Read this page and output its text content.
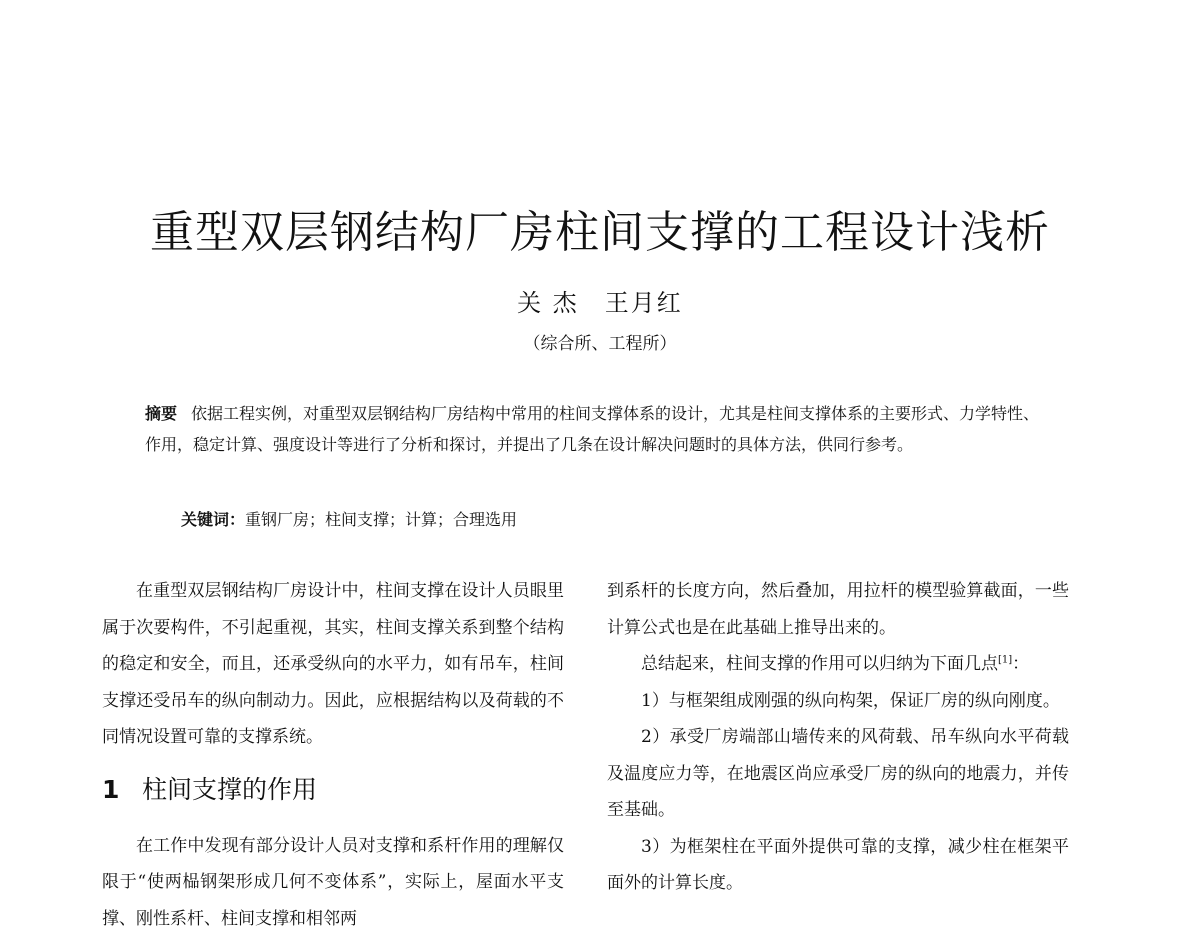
重型双层钢结构厂房柱间支撑的工程设计浅析
关 杰　王月红
（综合所、工程所）

摘要 依据工程实例，对重型双层钢结构厂房结构中常用的柱间支撑体系的设计，尤其是柱间支撑体系的主要形式、力学特性、作用，稳定计算、强度设计等进行了分析和探讨，并提出了几条在设计解决问题时的具体方法，供同行参考。

关键词：重钢厂房；柱间支撑；计算；合理选用

在重型双层钢结构厂房设计中，柱间支撑在设计人员眼里属于次要构件，不引起重视，其实，柱间支撑关系到整个结构的稳定和安全，而且，还承受纵向的水平力，如有吊车，柱间支撑还受吊车的纵向制动力。因此，应根据结构以及荷载的不同情况设置可靠的支撑系统。

1 柱间支撑的作用

在工作中发现有部分设计人员对支撑和系杆作用的理解仅限于“使两榀钢架形成几何不变体系”，实际上，屋面水平支撑、刚性系杆、柱间支撑和相邻两

到系杆的长度方向，然后叠加，用拉杆的模型验算截面，一些计算公式也是在此基础上推导出来的。

总结起来，柱间支撑的作用可以归纳为下面几点[1]：

1）与框架组成刚强的纵向构架，保证厂房的纵向刚度。

2）承受厂房端部山墙传来的风荷载、吊车纵向水平荷载及温度应力等，在地震区尚应承受厂房的纵向的地震力，并传至基础。

3）为框架柱在平面外提供可靠的支撑，减少柱在框架平面外的计算长度。
